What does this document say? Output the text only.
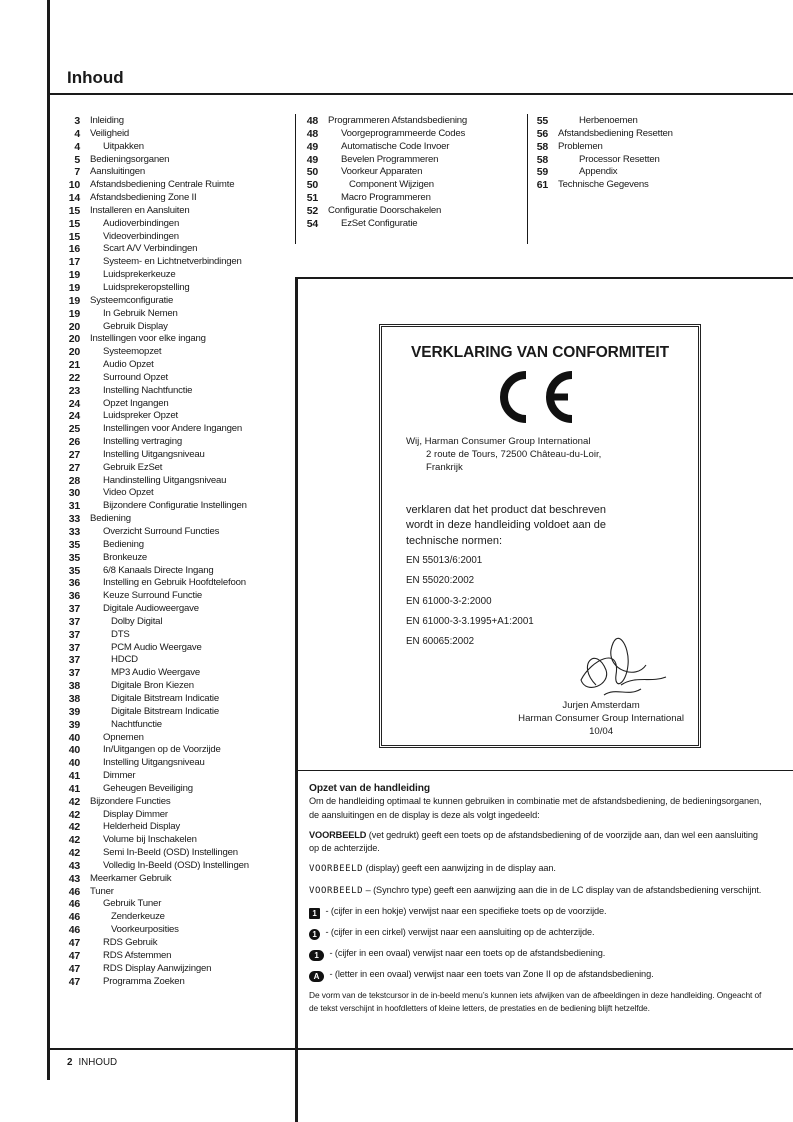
Inhoud
3 Inleiding
4 Veiligheid
4	Uitpakken
5 Bedieningsorganen
7 Aansluitingen
10 Afstandsbediening Centrale Ruimte
14 Afstandsbediening Zone II
15 Installeren en Aansluiten
15	Audioverbindingen
15	Videoverbindingen
16	Scart A/V Verbindingen
17	Systeem- en Lichtnetverbindingen
19	Luidsprekerkeuze
19	Luidsprekeropstelling
19 Systeemconfiguratie
19	In Gebruik Nemen
20	Gebruik Display
20 Instellingen voor elke ingang
20	Systeemopzet
21	Audio Opzet
22	Surround Opzet
23	Instelling Nachtfunctie
24	Opzet Ingangen
24	Luidspreker Opzet
25	Instellingen voor Andere Ingangen
26	Instelling vertraging
27	Instelling Uitgangsniveau
27	Gebruik EzSet
28	Handinstelling Uitgangsniveau
30	Video Opzet
31	Bijzondere Configuratie Instellingen
33 Bediening
33	Overzicht Surround Functies
35	Bediening
35	Bronkeuze
35	6/8 Kanaals Directe Ingang
36	Instelling en Gebruik Hoofdtelefoon
36	Keuze Surround Functie
37	Digitale Audioweergave
37	Dolby Digital
37	DTS
37	PCM Audio Weergave
37	HDCD
37	MP3 Audio Weergave
38	Digitale Bron Kiezen
38	Digitale Bitstream Indicatie
39	Digitale Bitstream Indicatie
39	Nachtfunctie
40	Opnemen
40	In/Uitgangen op de Voorzijde
40	Instelling Uitgangsniveau
41	Dimmer
41	Geheugen Beveiliging
42 Bijzondere Functies
42	Display Dimmer
42	Helderheid Display
42	Volume bij Inschakelen
42	Semi In-Beeld (OSD) Instellingen
43	Volledig In-Beeld (OSD) Instellingen
43 Meerkamer Gebruik
46 Tuner
46	Gebruik Tuner
46	Zenderkeuze
46	Voorkeurposities
47	RDS Gebruik
47	RDS Afstemmen
47	RDS Display Aanwijzingen
47	Programma Zoeken
48 Programmeren Afstandsbediening
48	Voorgeprogrammeerde Codes
49	Automatische Code Invoer
49	Bevelen Programmeren
50	Voorkeur Apparaten
50	Component Wijzigen
51	Macro Programmeren
52 Configuratie Doorschakelen
54	EzSet Configuratie
55	Herbenoemen
56 Afstandsbediening Resetten
58 Problemen
58	Processor Resetten
59	Appendix
61 Technische Gegevens
VERKLARING VAN CONFORMITEIT
Wij, Harman Consumer Group International
2 route de Tours, 72500 Château-du-Loir,
Frankrijk
verklaren dat het product dat beschreven
wordt in deze handleiding voldoet aan de
technische normen:
EN 55013/6:2001
EN 55020:2002
EN 61000-3-2:2000
EN 61000-3-3.1995+A1:2001
EN 60065:2002
Jurjen Amsterdam
Harman Consumer Group International
10/04
Opzet van de handleiding

Om de handleiding optimaal te kunnen gebruiken in combinatie met de afstandsbediening, de bedieningsorganen, de aansluitingen en de display is deze als volgt ingedeeld:

VOORBEELD (vet gedrukt) geeft een toets op de afstandsbediening of de voorzijde aan, dan wel een aansluiting op de achterzijde.

VOORBEELD (display) geeft een aanwijzing in de display aan.

VOORBEELD – (Synchro type) geeft een aanwijzing aan die in de LC display van de afstandsbediening verschijnt.

1 - (cijfer in een hokje) verwijst naar een specifieke toets op de voorzijde.

1 - (cijfer in een cirkel) verwijst naar een aansluiting op de achterzijde.

1 - (cijfer in een ovaal) verwijst naar een toets op de afstandsbediening.

A - (letter in een ovaal) verwijst naar een toets van Zone II op de afstandsbediening.

De vorm van de tekstcursor in de in-beeld menu’s kunnen iets afwijken van de afbeeldingen in deze handleiding. Ongeacht of de tekst verschijnt in hoofdletters of kleine letters, de prestaties en de bediening blijft hetzelfde.

2 INHOUD
